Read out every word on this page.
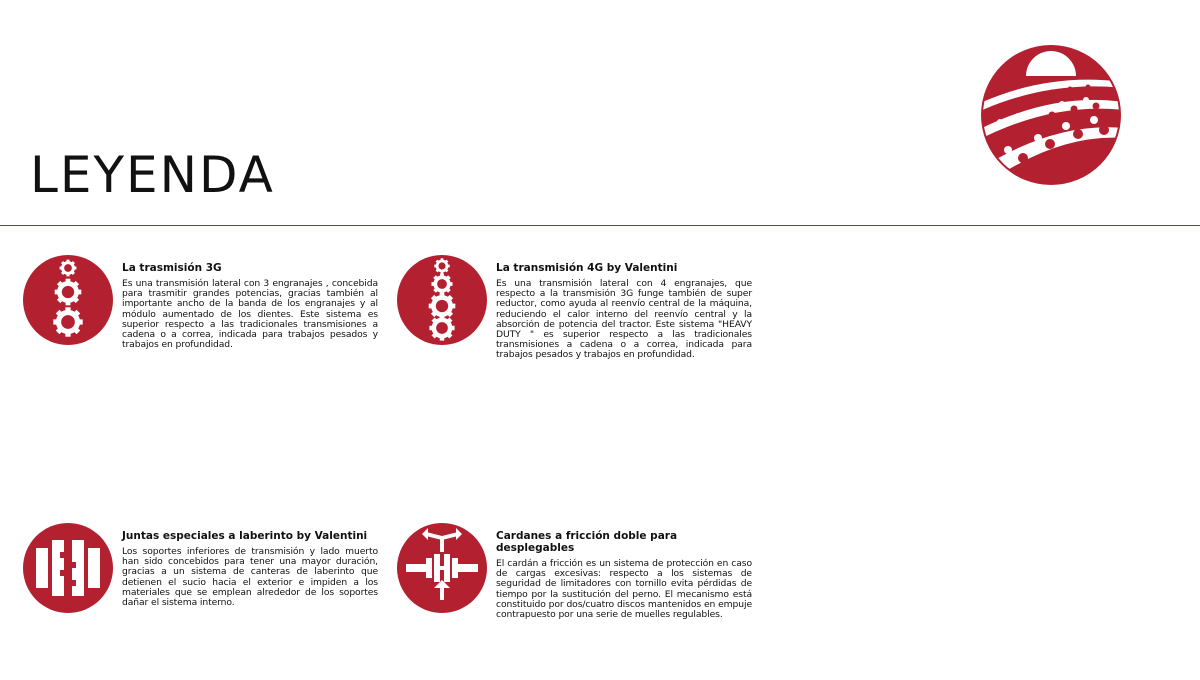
LEYENDA
La trasmisión 3G

Es una transmisión lateral con 3 engranajes , concebida para trasmitir grandes potencias, gracias también al importante ancho de la banda de los engranajes y al módulo aumentado de los dientes. Este sistema es superior respecto a las tradicionales transmisiones a cadena o a correa, indicada para trabajos pesados y trabajos en profundidad.

La transmisión 4G by Valentini

Es una transmisión lateral con 4 engranajes, que respecto a la transmisión 3G funge también de super reductor, como ayuda al reenvío central de la máquina, reduciendo el calor interno del reenvío central y la absorción de potencia del tractor. Este sistema "HEAVY DUTY " es superior respecto a las tradicionales transmisiones a cadena o a correa, indicada para trabajos pesados y trabajos en profundidad.

Juntas especiales a laberinto by Valentini

Los soportes inferiores de transmisión y lado muerto han sido concebidos para tener una mayor duración, gracias a un sistema de canteras de laberinto que detienen el sucio hacia el exterior e impiden a los materiales que se emplean alrededor de los soportes dañar el sistema interno.

Cardanes a fricción doble para desplegables

El cardán a fricción es un sistema de protección en caso de cargas excesivas: respecto a los sistemas de seguridad de limitadores con tornillo evita pérdidas de tiempo por la sustitución del perno. El mecanismo está constituido por dos/cuatro discos mantenidos en empuje contrapuesto por una serie de muelles regulables.
